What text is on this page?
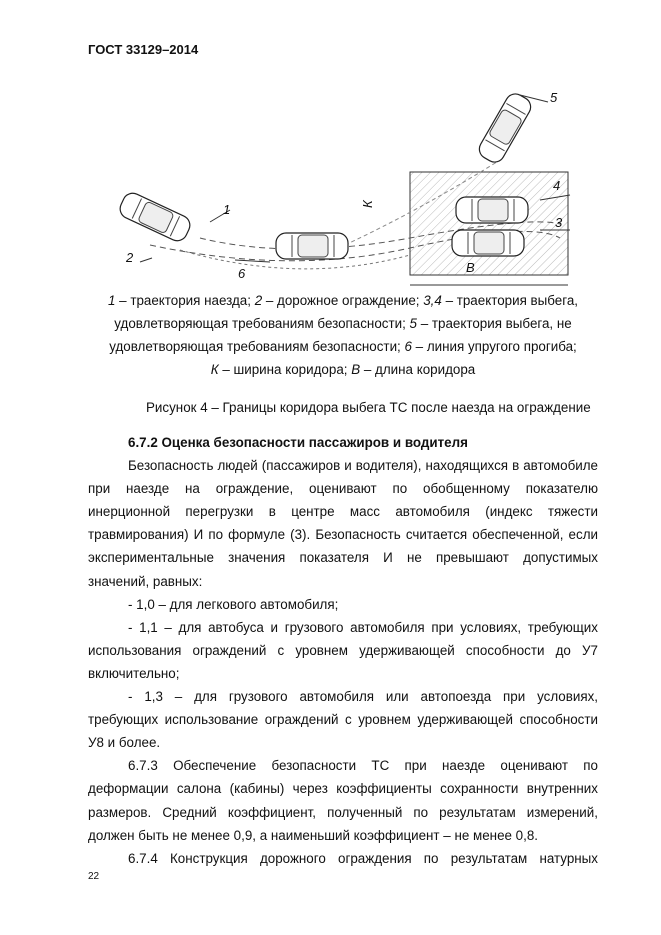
ГОСТ 33129–2014
1
2
3
4
5
6
К
В
1 – траектория наезда; 2 – дорожное ограждение; 3,4 – траектория выбега,
удовлетворяющая требованиям безопасности; 5 – траектория выбега, не
удовлетворяющая требованиям безопасности; 6 – линия упругого прогиба;
К – ширина коридора; В – длина коридора
Рисунок 4 – Границы коридора выбега ТС после наезда на ограждение
6.7.2 Оценка безопасности пассажиров и водителя
Безопасность людей (пассажиров и водителя), находящихся в автомобиле
при наезде на ограждение, оценивают по обобщенному показателю
инерционной перегрузки в центре масс автомобиля (индекс тяжести
травмирования) И по формуле (3). Безопасность считается обеспеченной, если
экспериментальные значения показателя И не превышают допустимых
значений, равных:
- 1,0 – для легкового автомобиля;
- 1,1 – для автобуса и грузового автомобиля при условиях, требующих
использования ограждений с уровнем удерживающей способности до У7
включительно;
- 1,3 – для грузового автомобиля или автопоезда при условиях,
требующих использование ограждений с уровнем удерживающей способности
У8 и более.
6.7.3 Обеспечение безопасности ТС при наезде оценивают по
деформации салона (кабины) через коэффициенты сохранности внутренних
размеров. Средний коэффициент, полученный по результатам измерений,
должен быть не менее 0,9, а наименьший коэффициент – не менее 0,8.
6.7.4 Конструкция дорожного ограждения по результатам натурных
22
